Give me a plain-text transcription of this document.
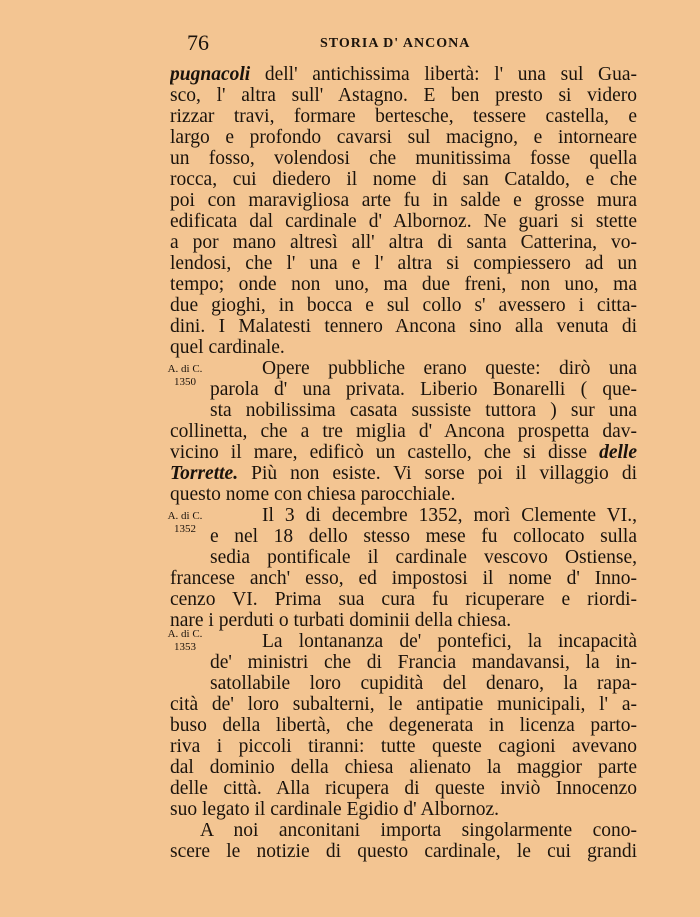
76	STORIA D' ANCONA
A. di C.
1350
A. di C.
1352
A. di C.
1353
pugnacoli dell' antichissima libertà: l' una sul Gua-
sco, l' altra sull' Astagno. E ben presto si videro
rizzar travi, formare bertesche, tessere castella, e
largo e profondo cavarsi sul macigno, e intorneare
un fosso, volendosi che munitissima fosse quella
rocca, cui diedero il nome di san Cataldo, e che
poi con maravigliosa arte fu in salde e grosse mura
edificata dal cardinale d' Albornoz. Ne guari si stette
a por mano altresì all' altra di santa Catterina, vo-
lendosi, che l' una e l' altra si compiessero ad un
tempo; onde non uno, ma due freni, non uno, ma
due gioghi, in bocca e sul collo s' avessero i citta-
dini. I Malatesti tennero Ancona sino alla venuta di
quel cardinale.
Opere pubbliche erano queste: dirò una
parola d' una privata. Liberio Bonarelli ( que-
sta nobilissima casata sussiste tuttora ) sur una
collinetta, che a tre miglia d' Ancona prospetta dav-
vicino il mare, edificò un castello, che si disse delle
Torrette. Più non esiste. Vi sorse poi il villaggio di
questo nome con chiesa parocchiale.
Il 3 di decembre 1352, morì Clemente VI.,
e nel 18 dello stesso mese fu collocato sulla
sedia pontificale il cardinale vescovo Ostiense,
francese anch' esso, ed impostosi il nome d' Inno-
cenzo VI. Prima sua cura fu ricuperare e riordi-
nare i perduti o turbati dominii della chiesa.
La lontananza de' pontefici, la incapacità
de' ministri che di Francia mandavansi, la in-
satollabile loro cupidità del denaro, la rapa-
cità de' loro subalterni, le antipatie municipali, l' a-
buso della libertà, che degenerata in licenza parto-
riva i piccoli tiranni: tutte queste cagioni avevano
dal dominio della chiesa alienato la maggior parte
delle città. Alla ricupera di queste inviò Innocenzo
suo legato il cardinale Egidio d' Albornoz.
A noi anconitani importa singolarmente cono-
scere le notizie di questo cardinale, le cui grandi
